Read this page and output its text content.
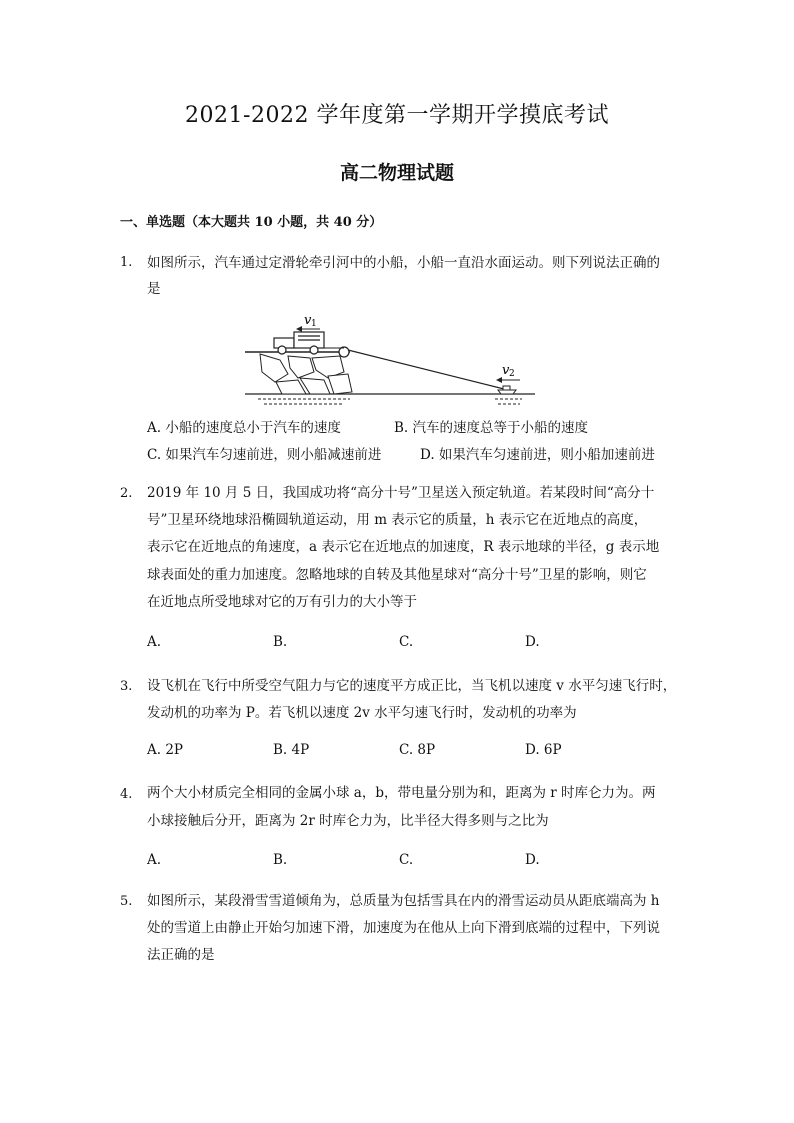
2021-2022 学年度第一学期开学摸底考试
高二物理试题
一、单选题（本大题共 10 小题，共 40 分）
1. 如图所示，汽车通过定滑轮牵引河中的小船，小船一直沿水面运动。则下列说法正确的
是
v 1
v 2
A. 小船的速度总小于汽车的速度	B. 汽车的速度总等于小船的速度
C. 如果汽车匀速前进，则小船减速前进	D. 如果汽车匀速前进，则小船加速前进
2. 2019 年 10 月 5 日，我国成功将“高分十号”卫星送入预定轨道。若某段时间“高分十
号”卫星环绕地球沿椭圆轨道运动，用 m 表示它的质量，h 表示它在近地点的高度，
表示它在近地点的角速度，a 表示它在近地点的加速度，R 表示地球的半径，g 表示地
球表面处的重力加速度。忽略地球的自转及其他星球对“高分十号”卫星的影响，则它
在近地点所受地球对它的万有引力的大小等于
A.	B.	C.	D.
3. 设飞机在飞行中所受空气阻力与它的速度平方成正比，当飞机以速度 v 水平匀速飞行时，
发动机的功率为 P。若飞机以速度 2v 水平匀速飞行时，发动机的功率为
A. 2P	B. 4P	C. 8P	D. 6P
4. 两个大小材质完全相同的金属小球 a，b，带电量分别为和，距离为 r 时库仑力为。两
小球接触后分开，距离为 2r 时库仑力为，比半径大得多则与之比为
A.	B.	C.	D.
5. 如图所示，某段滑雪雪道倾角为，总质量为包括雪具在内的滑雪运动员从距底端高为 h
处的雪道上由静止开始匀加速下滑，加速度为在他从上向下滑到底端的过程中，下列说
法正确的是
